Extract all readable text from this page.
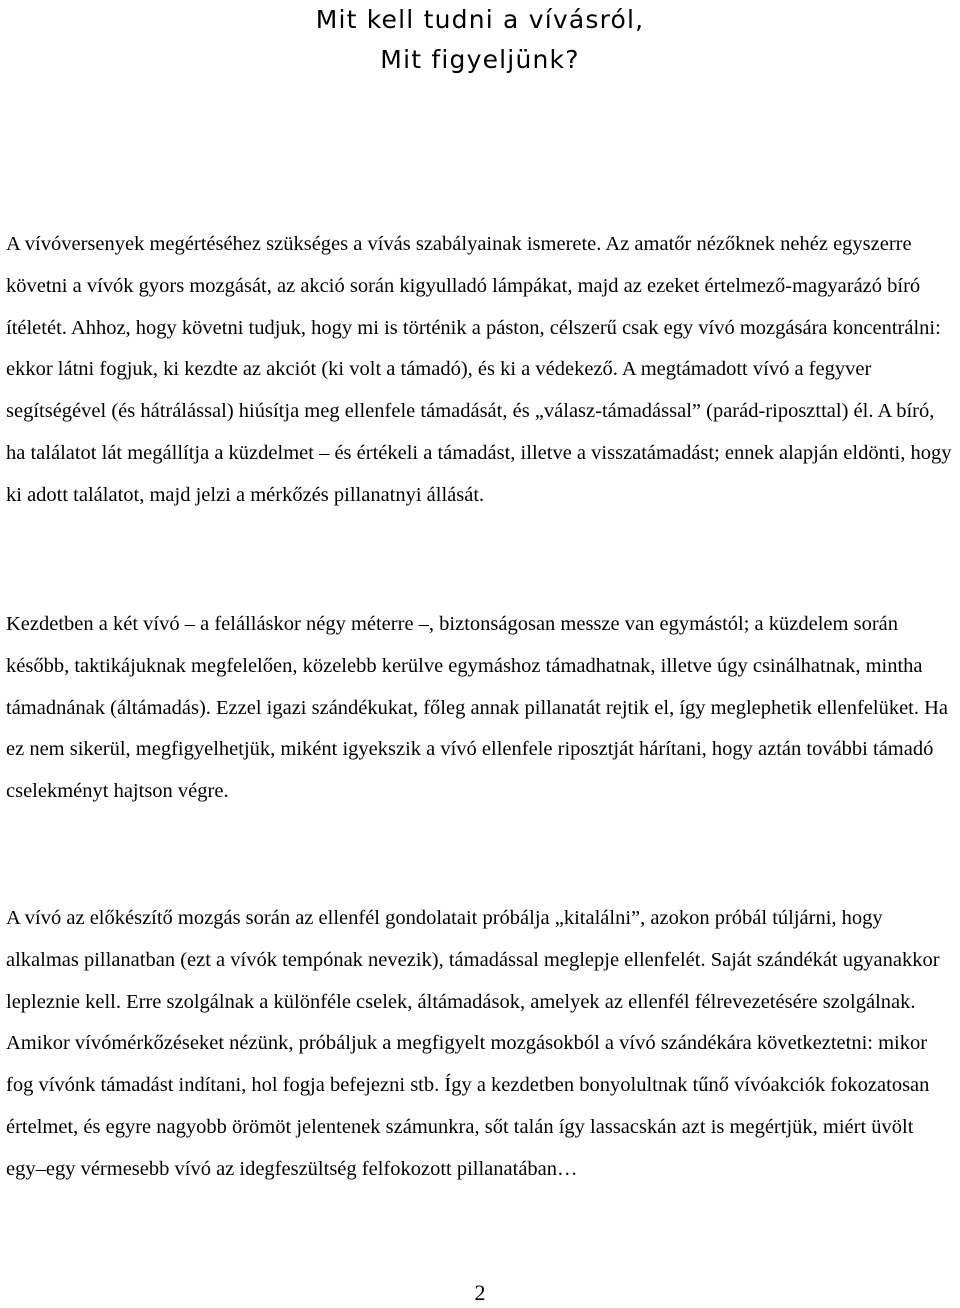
Mit kell tudni a vívásról,
Mit figyeljünk?

A vívóversenyek megértéséhez szükséges a vívás szabályainak ismerete. Az amatőr nézőknek nehéz egyszerre követni a vívók gyors mozgását, az akció során kigyulladó lámpákat, majd az ezeket értelmező-magyarázó bíró ítéletét. Ahhoz, hogy követni tudjuk, hogy mi is történik a páston, célszerű csak egy vívó mozgására koncentrálni: ekkor látni fogjuk, ki kezdte az akciót (ki volt a támadó), és ki a védekező. A megtámadott vívó a fegyver segítségével (és hátrálással) hiúsítja meg ellenfele támadását, és „válasz-támadással” (parád-riposzttal) él. A bíró, ha találatot lát megállítja a küzdelmet – és értékeli a támadást, illetve a visszatámadást; ennek alapján eldönti, hogy ki adott találatot, majd jelzi a mérkőzés pillanatnyi állását.

Kezdetben a két vívó – a felálláskor négy méterre –, biztonságosan messze van egymástól; a küzdelem során később, taktikájuknak megfelelően, közelebb kerülve egymáshoz támadhatnak, illetve úgy csinálhatnak, mintha támadnának (áltámadás). Ezzel igazi szándékukat, főleg annak pillanatát rejtik el, így meglephetik ellenfelüket. Ha ez nem sikerül, megfigyelhetjük, miként igyekszik a vívó ellenfele riposztját hárítani, hogy aztán további támadó cselekményt hajtson végre.

A vívó az előkészítő mozgás során az ellenfél gondolatait próbálja „kitalálni”, azokon próbál túljárni, hogy alkalmas pillanatban (ezt a vívók tempónak nevezik), támadással meglepje ellenfelét. Saját szándékát ugyanakkor lepleznie kell. Erre szolgálnak a különféle cselek, áltámadások, amelyek az ellenfél félrevezetésére szolgálnak. Amikor vívómérkőzéseket nézünk, próbáljuk a megfigyelt mozgásokból a vívó szándékára következtetni: mikor fog vívónk támadást indítani, hol fogja befejezni stb. Így a kezdetben bonyolultnak tűnő vívóakciók fokozatosan értelmet, és egyre nagyobb örömöt jelentenek számunkra, sőt talán így lassacskán azt is megértjük, miért üvölt egy–egy vérmesebb vívó az idegfeszültség felfokozott pillanatában…

2
